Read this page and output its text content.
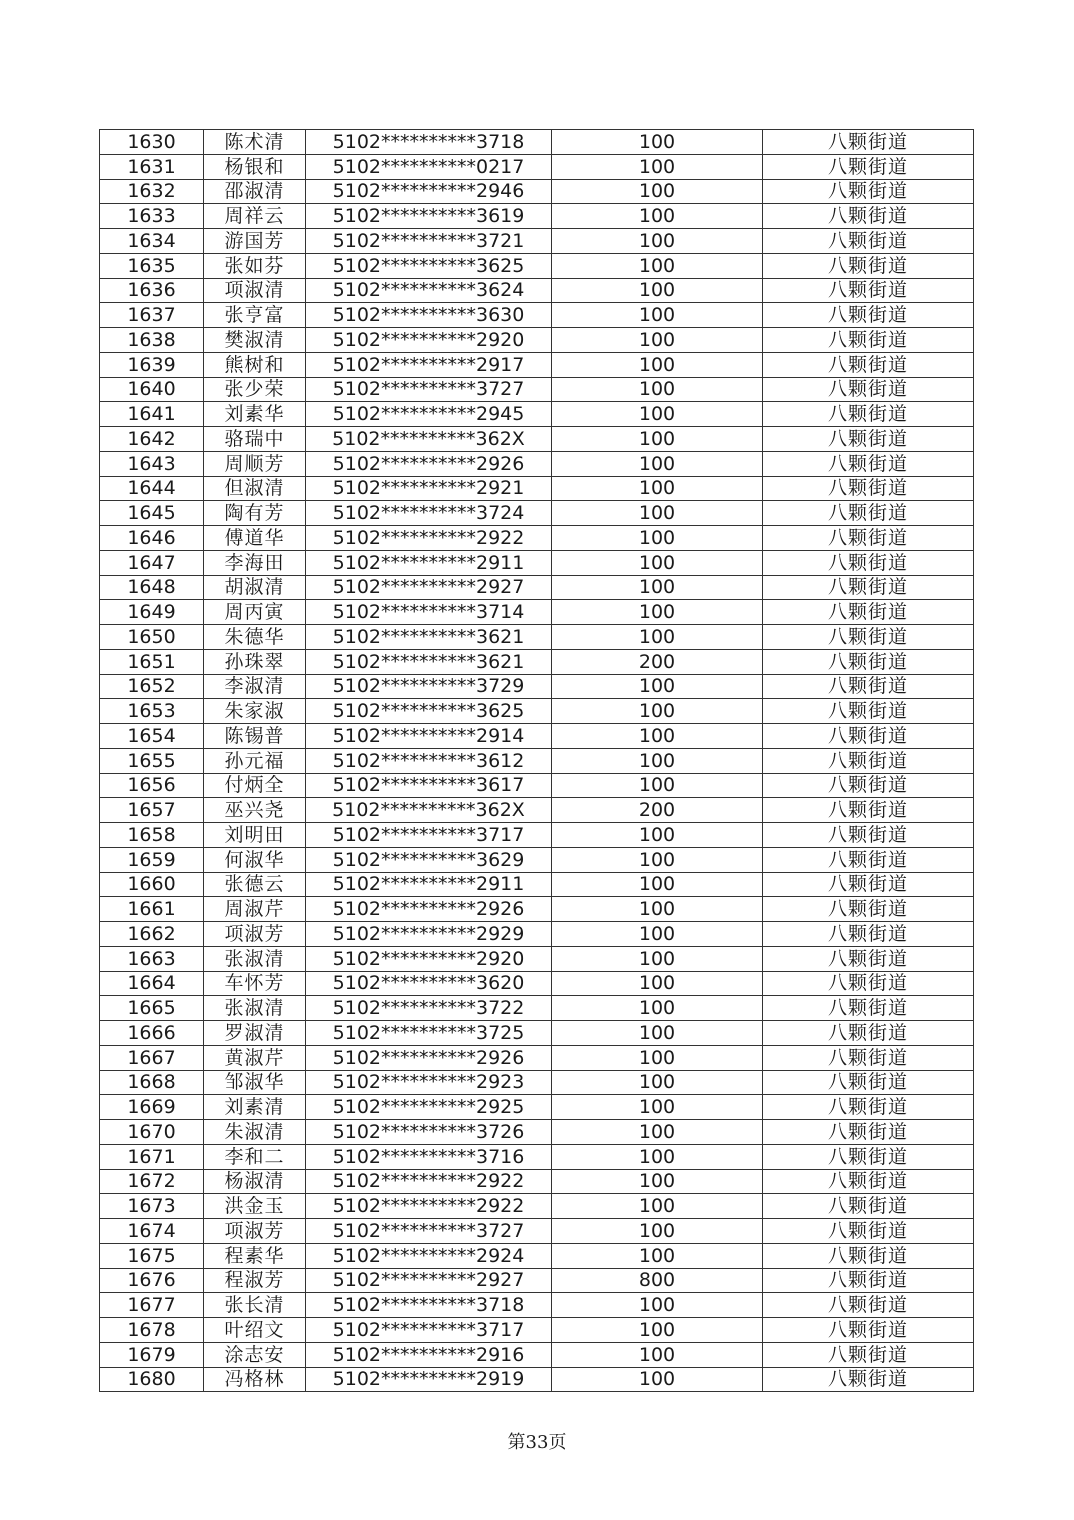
1630	陈术清	5102**********3718	100	八颗街道
1631	杨银和	5102**********0217	100	八颗街道
1632	邵淑清	5102**********2946	100	八颗街道
1633	周祥云	5102**********3619	100	八颗街道
1634	游国芳	5102**********3721	100	八颗街道
1635	张如芬	5102**********3625	100	八颗街道
1636	项淑清	5102**********3624	100	八颗街道
1637	张亨富	5102**********3630	100	八颗街道
1638	樊淑清	5102**********2920	100	八颗街道
1639	熊树和	5102**********2917	100	八颗街道
1640	张少荣	5102**********3727	100	八颗街道
1641	刘素华	5102**********2945	100	八颗街道
1642	骆瑞中	5102**********362X	100	八颗街道
1643	周顺芳	5102**********2926	100	八颗街道
1644	但淑清	5102**********2921	100	八颗街道
1645	陶有芳	5102**********3724	100	八颗街道
1646	傅道华	5102**********2922	100	八颗街道
1647	李海田	5102**********2911	100	八颗街道
1648	胡淑清	5102**********2927	100	八颗街道
1649	周丙寅	5102**********3714	100	八颗街道
1650	朱德华	5102**********3621	100	八颗街道
1651	孙珠翠	5102**********3621	200	八颗街道
1652	李淑清	5102**********3729	100	八颗街道
1653	朱家淑	5102**********3625	100	八颗街道
1654	陈锡普	5102**********2914	100	八颗街道
1655	孙元福	5102**********3612	100	八颗街道
1656	付炳全	5102**********3617	100	八颗街道
1657	巫兴尧	5102**********362X	200	八颗街道
1658	刘明田	5102**********3717	100	八颗街道
1659	何淑华	5102**********3629	100	八颗街道
1660	张德云	5102**********2911	100	八颗街道
1661	周淑芹	5102**********2926	100	八颗街道
1662	项淑芳	5102**********2929	100	八颗街道
1663	张淑清	5102**********2920	100	八颗街道
1664	车怀芳	5102**********3620	100	八颗街道
1665	张淑清	5102**********3722	100	八颗街道
1666	罗淑清	5102**********3725	100	八颗街道
1667	黄淑芹	5102**********2926	100	八颗街道
1668	邹淑华	5102**********2923	100	八颗街道
1669	刘素清	5102**********2925	100	八颗街道
1670	朱淑清	5102**********3726	100	八颗街道
1671	李和二	5102**********3716	100	八颗街道
1672	杨淑清	5102**********2922	100	八颗街道
1673	洪金玉	5102**********2922	100	八颗街道
1674	项淑芳	5102**********3727	100	八颗街道
1675	程素华	5102**********2924	100	八颗街道
1676	程淑芳	5102**********2927	800	八颗街道
1677	张长清	5102**********3718	100	八颗街道
1678	叶绍文	5102**********3717	100	八颗街道
1679	涂志安	5102**********2916	100	八颗街道
1680	冯格林	5102**********2919	100	八颗街道
第33页
